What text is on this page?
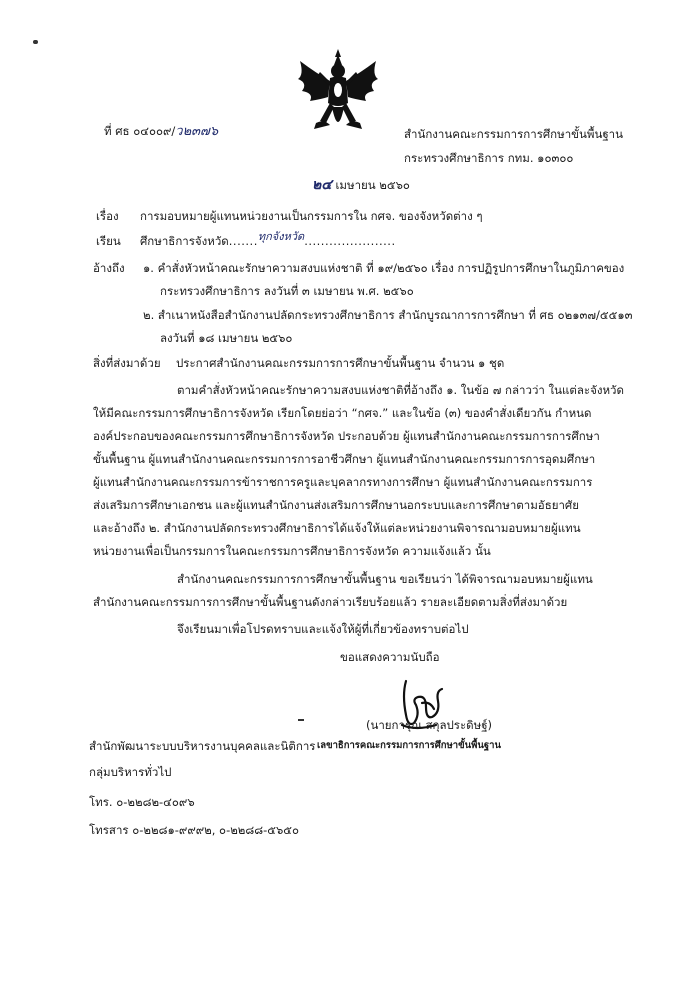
ที่ ศธ ๐๔๐๐๙/ว๒๓๗๖	สำนักงานคณะกรรมการการศึกษาขั้นพื้นฐาน
กระทรวงศึกษาธิการ กทม. ๑๐๓๐๐
๒๔ เมษายน ๒๕๖๐
เรื่อง การมอบหมายผู้แทนหน่วยงานเป็นกรรมการใน กศจ. ของจังหวัดต่าง ๆ
เรียน ศึกษาธิการจังหวัด.......ทุกจังหวัด......................
อ้างถึง ๑. คำสั่งหัวหน้าคณะรักษาความสงบแห่งชาติ ที่ ๑๙/๒๕๖๐ เรื่อง การปฏิรูปการศึกษาในภูมิภาคของ
กระทรวงศึกษาธิการ ลงวันที่ ๓ เมษายน พ.ศ. ๒๕๖๐
๒. สำเนาหนังสือสำนักงานปลัดกระทรวงศึกษาธิการ สำนักบูรณาการการศึกษา ที่ ศธ ๐๒๑๓๗/๕๕๑๓
ลงวันที่ ๑๘ เมษายน ๒๕๖๐
สิ่งที่ส่งมาด้วย ประกาศสำนักงานคณะกรรมการการศึกษาขั้นพื้นฐาน จำนวน ๑ ชุด
ตามคำสั่งหัวหน้าคณะรักษาความสงบแห่งชาติที่อ้างถึง ๑. ในข้อ ๗ กล่าวว่า ในแต่ละจังหวัด
ให้มีคณะกรรมการศึกษาธิการจังหวัด เรียกโดยย่อว่า “กศจ.” และในข้อ (๓) ของคำสั่งเดียวกัน กำหนด
องค์ประกอบของคณะกรรมการศึกษาธิการจังหวัด ประกอบด้วย ผู้แทนสำนักงานคณะกรรมการการศึกษา
ขั้นพื้นฐาน ผู้แทนสำนักงานคณะกรรมการการอาชีวศึกษา ผู้แทนสำนักงานคณะกรรมการการอุดมศึกษา
ผู้แทนสำนักงานคณะกรรมการข้าราชการครูและบุคลากรทางการศึกษา ผู้แทนสำนักงานคณะกรรมการ
ส่งเสริมการศึกษาเอกชน และผู้แทนสำนักงานส่งเสริมการศึกษานอกระบบและการศึกษาตามอัธยาศัย
และอ้างถึง ๒. สำนักงานปลัดกระทรวงศึกษาธิการได้แจ้งให้แต่ละหน่วยงานพิจารณามอบหมายผู้แทน
หน่วยงานเพื่อเป็นกรรมการในคณะกรรมการศึกษาธิการจังหวัด ความแจ้งแล้ว นั้น
สำนักงานคณะกรรมการการศึกษาขั้นพื้นฐาน ขอเรียนว่า ได้พิจารณามอบหมายผู้แทน
สำนักงานคณะกรรมการการศึกษาขั้นพื้นฐานดังกล่าวเรียบร้อยแล้ว รายละเอียดตามสิ่งที่ส่งมาด้วย
จึงเรียนมาเพื่อโปรดทราบและแจ้งให้ผู้ที่เกี่ยวข้องทราบต่อไป
ขอแสดงความนับถือ
(นายการุณ สกุลประดิษฐ์)
เลขาธิการคณะกรรมการการศึกษาขั้นพื้นฐาน
สำนักพัฒนาระบบบริหารงานบุคคลและนิติการ
กลุ่มบริหารทั่วไป
โทร. ๐-๒๒๘๒-๔๐๙๖
โทรสาร ๐-๒๒๘๑-๙๙๙๒, ๐-๒๒๘๘-๕๖๕๐
